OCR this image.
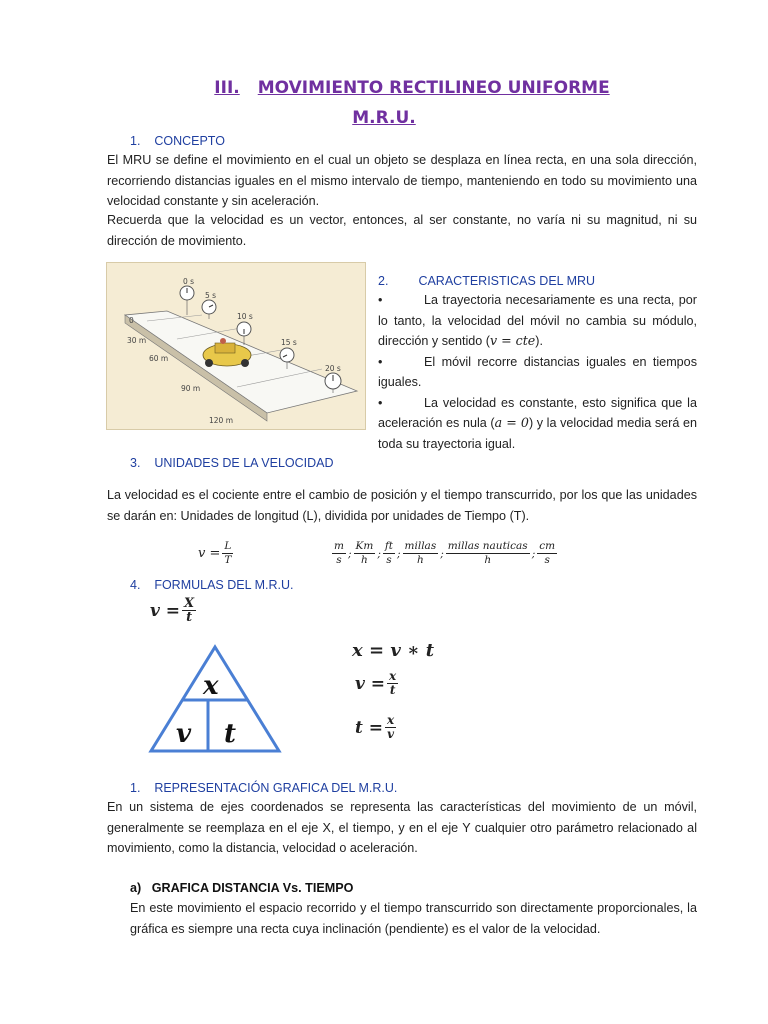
III. MOVIMIENTO RECTILINEO UNIFORME
M.R.U.
1.    CONCEPTO
El MRU se define el movimiento en el cual un objeto se desplaza en línea recta, en una sola dirección, recorriendo distancias iguales en el mismo intervalo de tiempo, manteniendo en todo su movimiento una velocidad constante y sin aceleración.
Recuerda que la velocidad es un vector, entonces, al ser constante, no varía ni su magnitud, ni su dirección de movimiento.
0 s
5 s
10 s
15 s
20 s
0
30 m
60 m
90 m
120 m
2. CARACTERISTICAS DEL MRU
•	La trayectoria necesariamente es una recta, por lo tanto, la velocidad del móvil no cambia su módulo, dirección y sentido (v = cte).
•	El móvil recorre distancias iguales en tiempos iguales.
•	La velocidad es constante, esto significa que la aceleración es nula (a = 0) y la velocidad media será en toda su trayectoria igual.
3.    UNIDADES DE LA VELOCIDAD
La velocidad es el cociente entre el cambio de posición y el tiempo transcurrido, por los que las unidades se darán en: Unidades de longitud (L), dividida por unidades de Tiempo (T).
$v = \frac{L}{T}$	$\frac{m}{s}$ ; $\frac{Km}{h}$ ; $\frac{ft}{s}$ ; $\frac{\text{millas}}{h}$ ; $\frac{\text{millas nauticas}}{h}$ ; $\frac{cm}{s}$
4.    FORMULAS DEL M.R.U.
$v = \frac{X}{t}$
x
v t
x = v ∗ t
$v = \frac{x}{t}$
$t = \frac{x}{v}$
1.    REPRESENTACIÓN GRAFICA DEL M.R.U.
En un sistema de ejes coordenados se representa las características del movimiento de un móvil, generalmente se reemplaza en el eje X, el tiempo, y en el eje Y cualquier otro parámetro relacionado al movimiento, como la distancia, velocidad o aceleración.
a)   GRAFICA DISTANCIA Vs. TIEMPO
En este movimiento el espacio recorrido y el tiempo transcurrido son directamente proporcionales, la gráfica es siempre una recta cuya inclinación (pendiente) es el valor de la velocidad.
